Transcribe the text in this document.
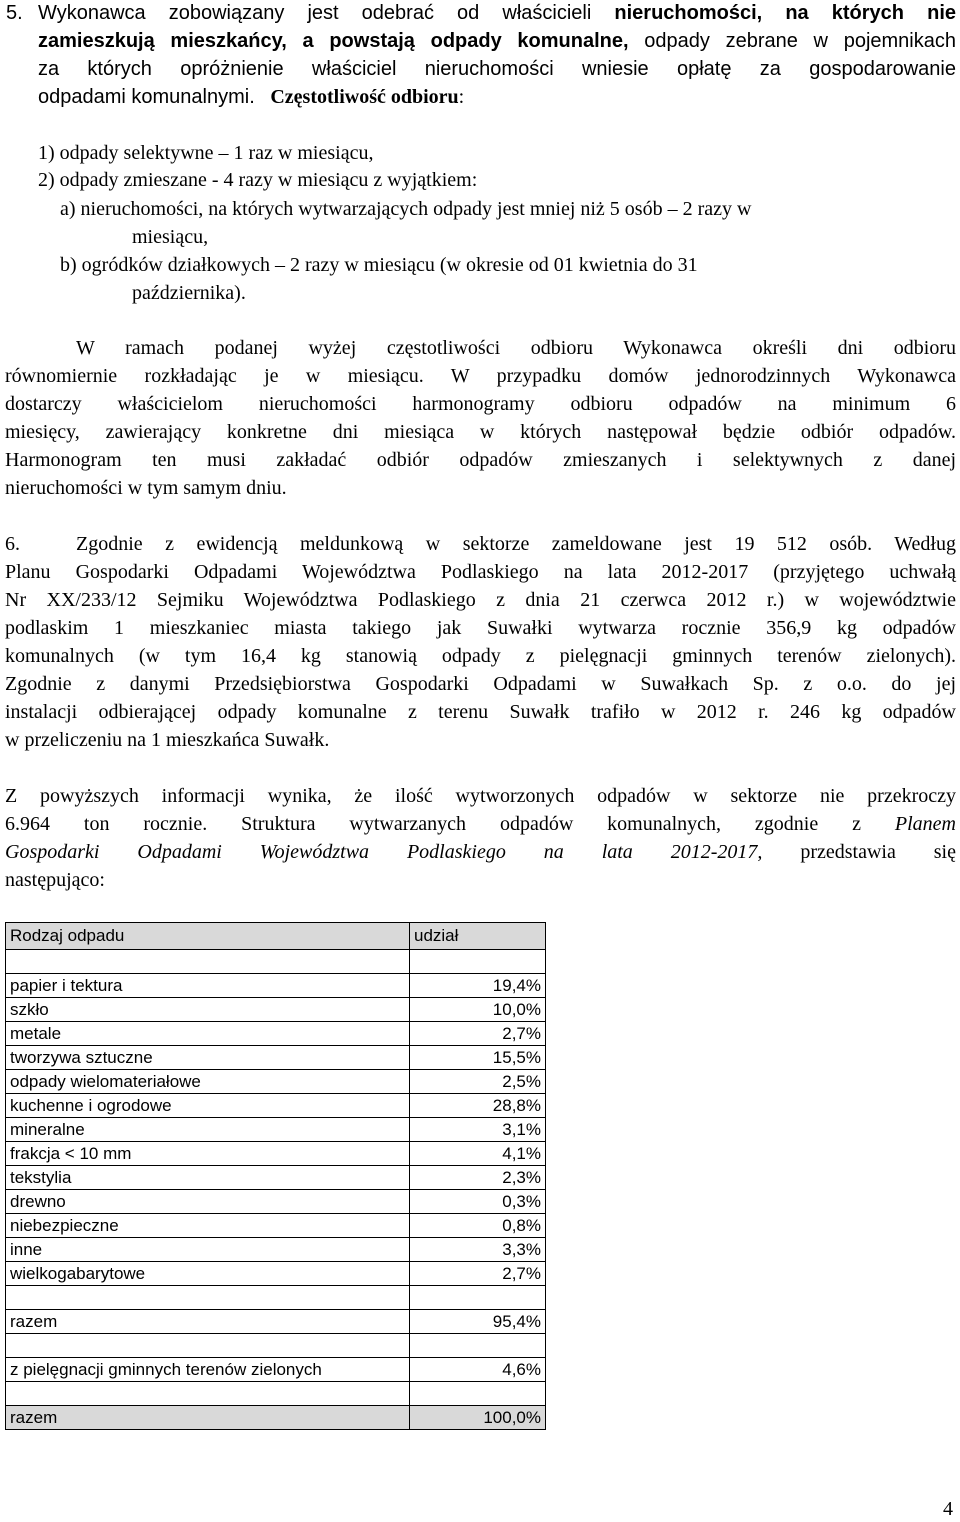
5. Wykonawca zobowiązany jest odebrać od właścicieli nieruchomości, na których nie
zamieszkują mieszkańcy, a powstają odpady komunalne, odpady zebrane w pojemnikach
za których opróżnienie właściciel nieruchomości wniesie opłatę za gospodarowanie
odpadami komunalnymi. Częstotliwość odbioru:
1) odpady selektywne – 1 raz w miesiącu,
2) odpady zmieszane - 4 razy w miesiącu z wyjątkiem:
a) nieruchomości, na których wytwarzających odpady jest mniej niż 5 osób – 2 razy w
miesiącu,
b) ogródków działkowych – 2 razy w miesiącu (w okresie od 01 kwietnia do 31
października).
W ramach podanej wyżej częstotliwości odbioru Wykonawca określi dni odbioru
równomiernie rozkładając je w miesiącu. W przypadku domów jednorodzinnych Wykonawca
dostarczy właścicielom nieruchomości harmonogramy odbioru odpadów na minimum 6
miesięcy, zawierający konkretne dni miesiąca w których następował będzie odbiór odpadów.
Harmonogram ten musi zakładać odbiór odpadów zmieszanych i selektywnych z danej
nieruchomości w tym samym dniu.
6.	Zgodnie z ewidencją meldunkową w sektorze zameldowane jest 19 512 osób. Według
Planu Gospodarki Odpadami Województwa Podlaskiego na lata 2012-2017 (przyjętego uchwałą
Nr XX/233/12 Sejmiku Województwa Podlaskiego z dnia 21 czerwca 2012 r.) w województwie
podlaskim 1 mieszkaniec miasta takiego jak Suwałki wytwarza rocznie 356,9 kg odpadów
komunalnych (w tym 16,4 kg stanowią odpady z pielęgnacji gminnych terenów zielonych).
Zgodnie z danymi Przedsiębiorstwa Gospodarki Odpadami w Suwałkach Sp. z o.o. do jej
instalacji odbierającej odpady komunalne z terenu Suwałk trafiło w 2012 r. 246 kg odpadów
w przeliczeniu na 1 mieszkańca Suwałk.
Z powyższych informacji wynika, że ilość wytworzonych odpadów w sektorze nie przekroczy
6.964 ton rocznie. Struktura wytwarzanych odpadów komunalnych, zgodnie z Planem
Gospodarki Odpadami Województwa Podlaskiego na lata 2012-2017, przedstawia się
następująco:
Rodzaj odpadu	udział

papier i tektura	19,4%
szkło	10,0%
metale	2,7%
tworzywa sztuczne	15,5%
odpady wielomateriałowe	2,5%
kuchenne i ogrodowe	28,8%
mineralne	3,1%
frakcja < 10 mm	4,1%
tekstylia	2,3%
drewno	0,3%
niebezpieczne	0,8%
inne	3,3%
wielkogabarytowe	2,7%

razem	95,4%

z pielęgnacji gminnych terenów zielonych	4,6%

razem	100,0%
4
